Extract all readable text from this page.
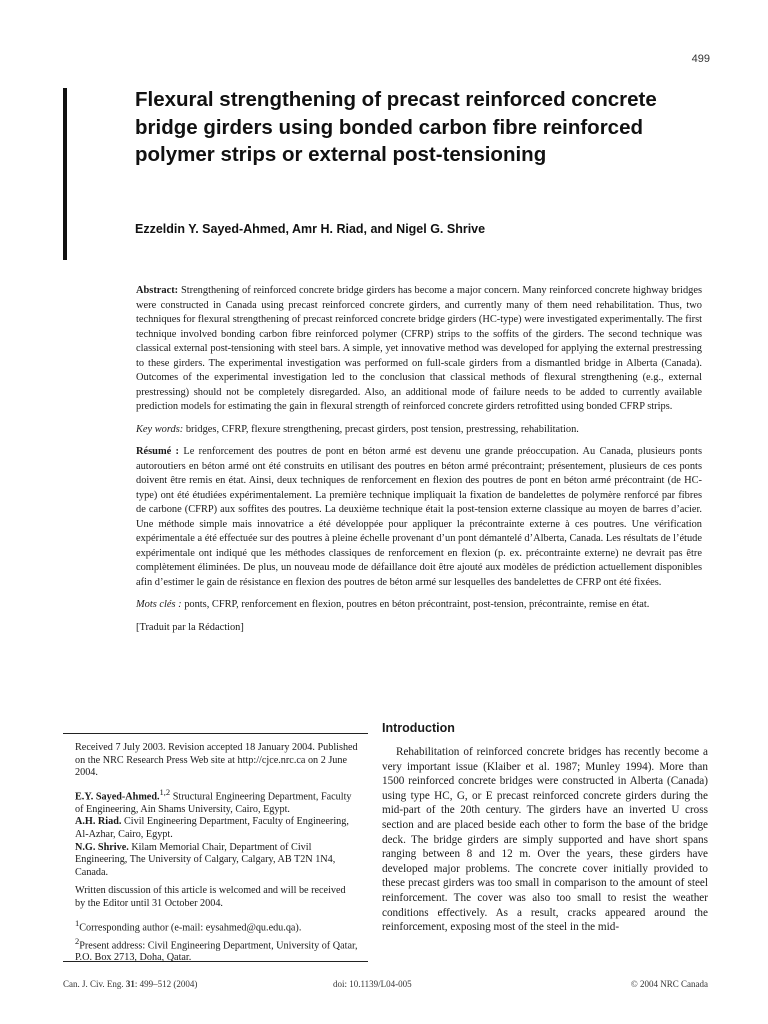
499
Flexural strengthening of precast reinforced concrete bridge girders using bonded carbon fibre reinforced polymer strips or external post-tensioning
Ezzeldin Y. Sayed-Ahmed, Amr H. Riad, and Nigel G. Shrive

Abstract: Strengthening of reinforced concrete bridge girders has become a major concern. Many reinforced concrete highway bridges were constructed in Canada using precast reinforced concrete girders, and currently many of them need rehabilitation. Thus, two techniques for flexural strengthening of precast reinforced concrete bridge girders (HC-type) were investigated experimentally. The first technique involved bonding carbon fibre reinforced polymer (CFRP) strips to the soffits of the girders. The second technique was classical external post-tensioning with steel bars. A simple, yet innovative method was developed for applying the external prestressing to these girders. The experimental investigation was performed on full-scale girders from a dismantled bridge in Alberta (Canada). Outcomes of the experimental investigation led to the conclusion that classical methods of flexural strengthening (e.g., external prestressing) should not be completely disregarded. Also, an additional mode of failure needs to be added to currently available prediction models for estimating the gain in flexural strength of reinforced concrete girders retrofitted using bonded CFRP strips.

Key words: bridges, CFRP, flexure strengthening, precast girders, post tension, prestressing, rehabilitation.

Résumé : Le renforcement des poutres de pont en béton armé est devenu une grande préoccupation. Au Canada, plusieurs ponts autoroutiers en béton armé ont été construits en utilisant des poutres en béton armé précontraint; présentement, plusieurs de ces ponts doivent être remis en état. Ainsi, deux techniques de renforcement en flexion des poutres de pont en béton armé précontraint (de HC-type) ont été étudiées expérimentalement. La première technique impliquait la fixation de bandelettes de polymère renforcé par fibres de carbone (CFRP) aux soffites des poutres. La deuxième technique était la post-tension externe classique au moyen de barres d’acier. Une méthode simple mais innovatrice a été développée pour appliquer la précontrainte externe à ces poutres. Une vérification expérimentale a été effectuée sur des poutres à pleine échelle provenant d’un pont démantelé d’Alberta, Canada. Les résultats de l’étude expérimentale ont indiqué que les méthodes classiques de renforcement en flexion (p. ex. précontrainte externe) ne devrait pas être complètement éliminées. De plus, un nouveau mode de défaillance doit être ajouté aux modèles de prédiction actuellement disponibles afin d’estimer le gain de résistance en flexion des poutres de béton armé sur lesquelles des bandelettes de CFRP ont été fixées.

Mots clés : ponts, CFRP, renforcement en flexion, poutres en béton précontraint, post-tension, précontrainte, remise en état.

[Traduit par la Rédaction]

Received 7 July 2003. Revision accepted 18 January 2004. Published on the NRC Research Press Web site at http://cjce.nrc.ca on 2 June 2004.

E.Y. Sayed-Ahmed.$^{1,2}$ Structural Engineering Department, Faculty of Engineering, Ain Shams University, Cairo, Egypt.
A.H. Riad. Civil Engineering Department, Faculty of Engineering, Al-Azhar, Cairo, Egypt.
N.G. Shrive. Kilam Memorial Chair, Department of Civil Engineering, The University of Calgary, Calgary, AB T2N 1N4, Canada.

Written discussion of this article is welcomed and will be received by the Editor until 31 October 2004.

$^1$Corresponding author (e-mail: eysahmed@qu.edu.qa).
$^2$Present address: Civil Engineering Department, University of Qatar, P.O. Box 2713, Doha, Qatar.

Introduction

Rehabilitation of reinforced concrete bridges has recently become a very important issue (Klaiber et al. 1987; Munley 1994). More than 1500 reinforced concrete bridges were constructed in Alberta (Canada) using type HC, G, or E precast reinforced concrete girders during the mid-part of the 20th century. The girders have an inverted U cross section and are placed beside each other to form the base of the bridge deck. The bridge girders are simply supported and have short spans ranging between 8 and 12 m. Over the years, these girders have developed major problems. The concrete cover initially provided to these precast girders was too small in comparison to the amount of steel reinforcement. The cover was also too small to resist the weather conditions effectively. As a result, cracks appeared around the reinforcement, exposing most of the steel in the mid-

Can. J. Civ. Eng. 31: 499–512 (2004)	doi: 10.1139/L04-005	© 2004 NRC Canada
